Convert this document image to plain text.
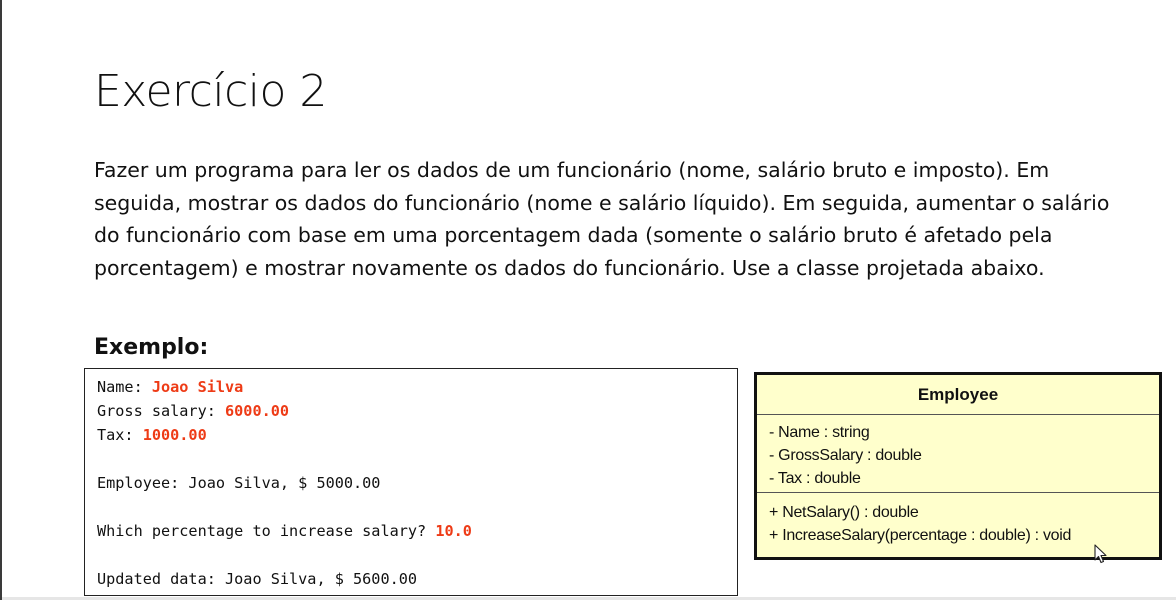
Exercício 2
Fazer um programa para ler os dados de um funcionário (nome, salário bruto e imposto). Em seguida, mostrar os dados do funcionário (nome e salário líquido). Em seguida, aumentar o salário do funcionário com base em uma porcentagem dada (somente o salário bruto é afetado pela porcentagem) e mostrar novamente os dados do funcionário. Use a classe projetada abaixo.
Exemplo:
Name: Joao Silva
Gross salary: 6000.00
Tax: 1000.00
Employee: Joao Silva, $ 5000.00
Which percentage to increase salary? 10.0
Updated data: Joao Silva, $ 5600.00
Employee
- Name : string
- GrossSalary : double
- Tax : double
+ NetSalary() : double
+ IncreaseSalary(percentage : double) : void
